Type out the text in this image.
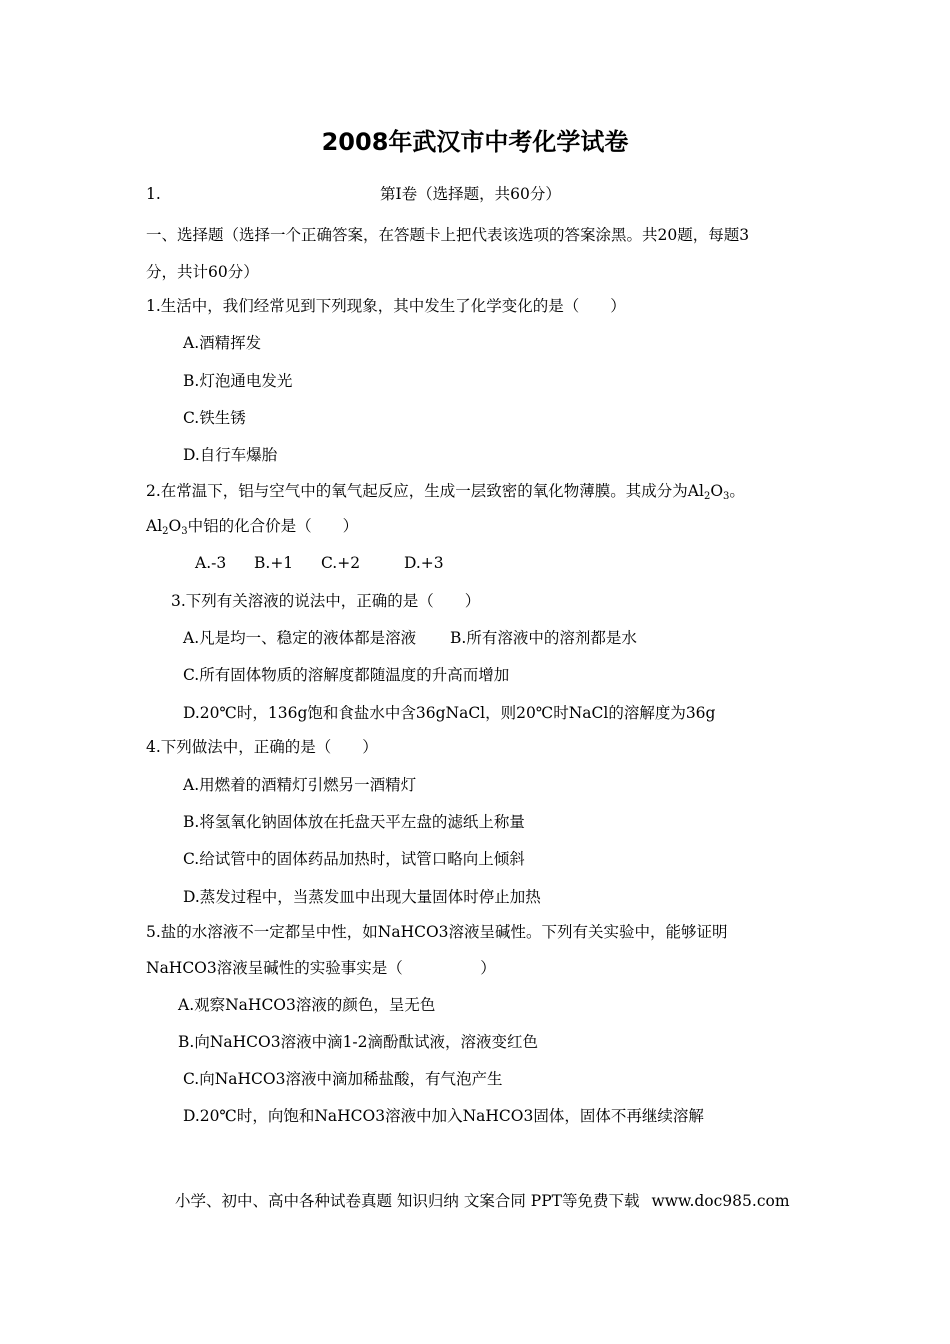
2008年武汉市中考化学试卷
1.	第Ⅰ卷（选择题，共60分）
一、选择题（选择一个正确答案，在答题卡上把代表该选项的答案涂黑。共20题，每题3
分，共计60分）
1.生活中，我们经常见到下列现象，其中发生了化学变化的是（　　）
A.酒精挥发
B.灯泡通电发光
C.铁生锈
D.自行车爆胎
2.在常温下，铝与空气中的氧气起反应，生成一层致密的氧化物薄膜。其成分为$Al_2O_3$。
$Al_2O_3$中铝的化合价是（　　）
A.-3 B.+1 C.+2	D.+3
3.下列有关溶液的说法中，正确的是（　　）
A.凡是均一、稳定的液体都是溶液 B.所有溶液中的溶剂都是水
C.所有固体物质的溶解度都随温度的升高而增加
D.20℃时，136g饱和食盐水中含36gNaCl，则20℃时NaCl的溶解度为36g
4.下列做法中，正确的是（　　）
A.用燃着的酒精灯引燃另一酒精灯
B.将氢氧化钠固体放在托盘天平左盘的滤纸上称量
C.给试管中的固体药品加热时，试管口略向上倾斜
D.蒸发过程中，当蒸发皿中出现大量固体时停止加热
5.盐的水溶液不一定都呈中性，如NaHCO3溶液呈碱性。下列有关实验中，能够证明
NaHCO3溶液呈碱性的实验事实是（　　　　　）
A.观察NaHCO3溶液的颜色，呈无色
B.向NaHCO3溶液中滴1-2滴酚酞试液，溶液变红色
C.向NaHCO3溶液中滴加稀盐酸，有气泡产生
D.20℃时，向饱和NaHCO3溶液中加入NaHCO3固体，固体不再继续溶解
小学、初中、高中各种试卷真题 知识归纳 文案合同 PPT等免费下载 www.doc985.com
